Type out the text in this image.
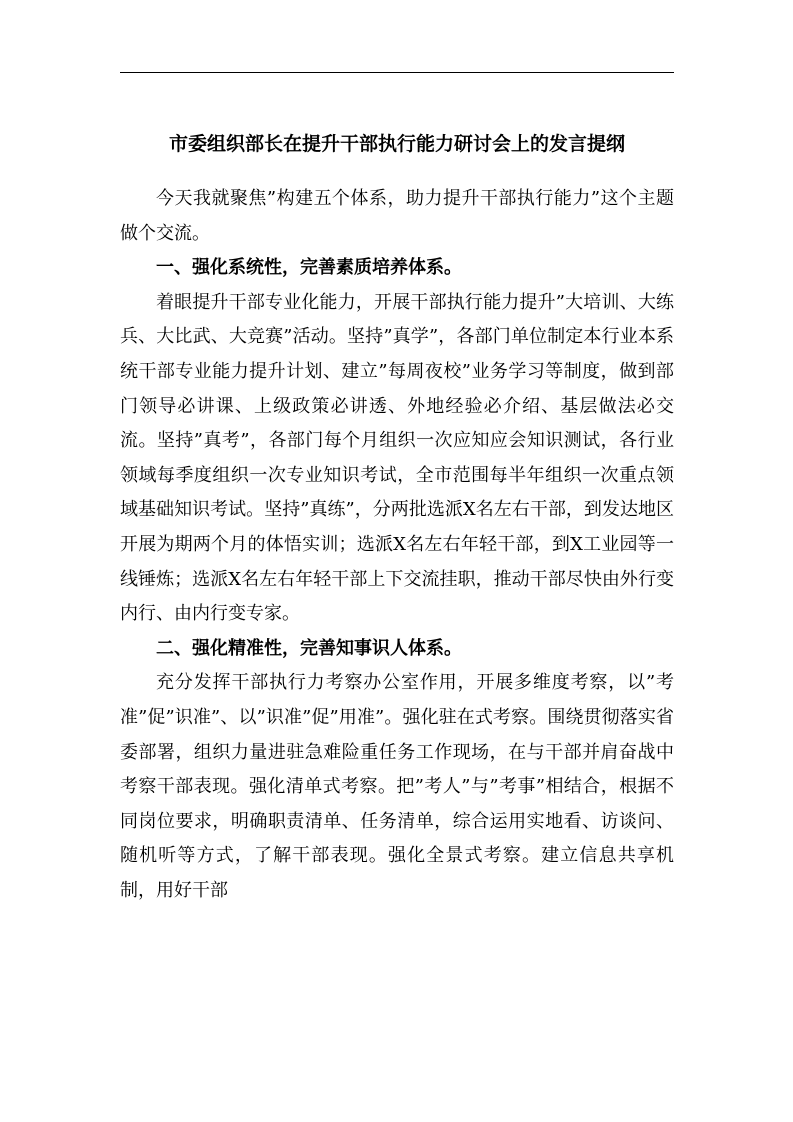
市委组织部长在提升干部执行能力研讨会上的发言提纲

今天我就聚焦”构建五个体系，助力提升干部执行能力”这个主题做个交流。

一、强化系统性，完善素质培养体系。

着眼提升干部专业化能力，开展干部执行能力提升”大培训、大练兵、大比武、大竞赛”活动。坚持”真学”，各部门单位制定本行业本系统干部专业能力提升计划、建立”每周夜校”业务学习等制度，做到部门领导必讲课、上级政策必讲透、外地经验必介绍、基层做法必交流。坚持”真考”，各部门每个月组织一次应知应会知识测试，各行业领域每季度组织一次专业知识考试，全市范围每半年组织一次重点领域基础知识考试。坚持”真练”，分两批选派X名左右干部，到发达地区开展为期两个月的体悟实训；选派X名左右年轻干部，到X工业园等一线锤炼；选派X名左右年轻干部上下交流挂职，推动干部尽快由外行变内行、由内行变专家。

二、强化精准性，完善知事识人体系。

充分发挥干部执行力考察办公室作用，开展多维度考察，以”考准”促”识准”、以”识准”促”用准”。强化驻在式考察。围绕贯彻落实省委部署，组织力量进驻急难险重任务工作现场，在与干部并肩奋战中考察干部表现。强化清单式考察。把”考人”与”考事”相结合，根据不同岗位要求，明确职责清单、任务清单，综合运用实地看、访谈问、随机听等方式，了解干部表现。强化全景式考察。建立信息共享机制，用好干部
